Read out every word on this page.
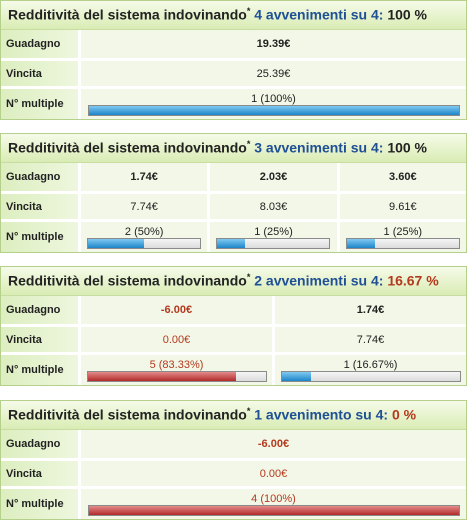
Redditività del sistema indovinando* 4 avvenimenti su 4: 100 %
Guadagno	19.39€
Vincita	25.39€
N° multiple	1 (100%)
Redditività del sistema indovinando* 3 avvenimenti su 4: 100 %
Guadagno	1.74€	2.03€	3.60€
Vincita	7.74€	8.03€	9.61€
N° multiple	2 (50%)	1 (25%)	1 (25%)
Redditività del sistema indovinando* 2 avvenimenti su 4: 16.67 %
Guadagno	-6.00€	1.74€
Vincita	0.00€	7.74€
N° multiple	5 (83.33%)	1 (16.67%)
Redditività del sistema indovinando* 1 avvenimento su 4: 0 %
Guadagno	-6.00€
Vincita	0.00€
N° multiple	4 (100%)
